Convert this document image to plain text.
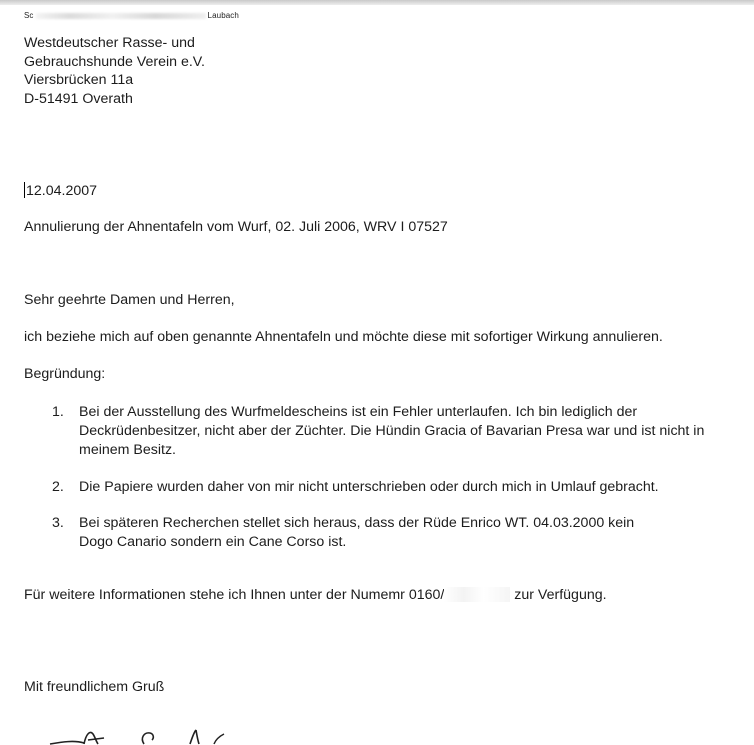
Sc	Laubach
Westdeutscher Rasse- und
Gebrauchshunde Verein e.V.
Viersbrücken 11a
D-51491 Overath
12.04.2007
Annulierung der Ahnentafeln vom Wurf, 02. Juli 2006, WRV I 07527
Sehr geehrte Damen und Herren,
ich beziehe mich auf oben genannte Ahnentafeln und möchte diese mit sofortiger Wirkung annulieren.
Begründung:
1. Bei der Ausstellung des Wurfmeldescheins ist ein Fehler unterlaufen. Ich bin lediglich der
Deckrüdenbesitzer, nicht aber der Züchter. Die Hündin Gracia of Bavarian Presa war und ist nicht in
meinem Besitz.
2. Die Papiere wurden daher von mir nicht unterschrieben oder durch mich in Umlauf gebracht.
3. Bei späteren Recherchen stellet sich heraus, dass der Rüde Enrico WT. 04.03.2000 kein
Dogo Canario sondern ein Cane Corso ist.
Für weitere Informationen stehe ich Ihnen unter der Numemr 0160/	zur Verfügung.
Mit freundlichem Gruß
